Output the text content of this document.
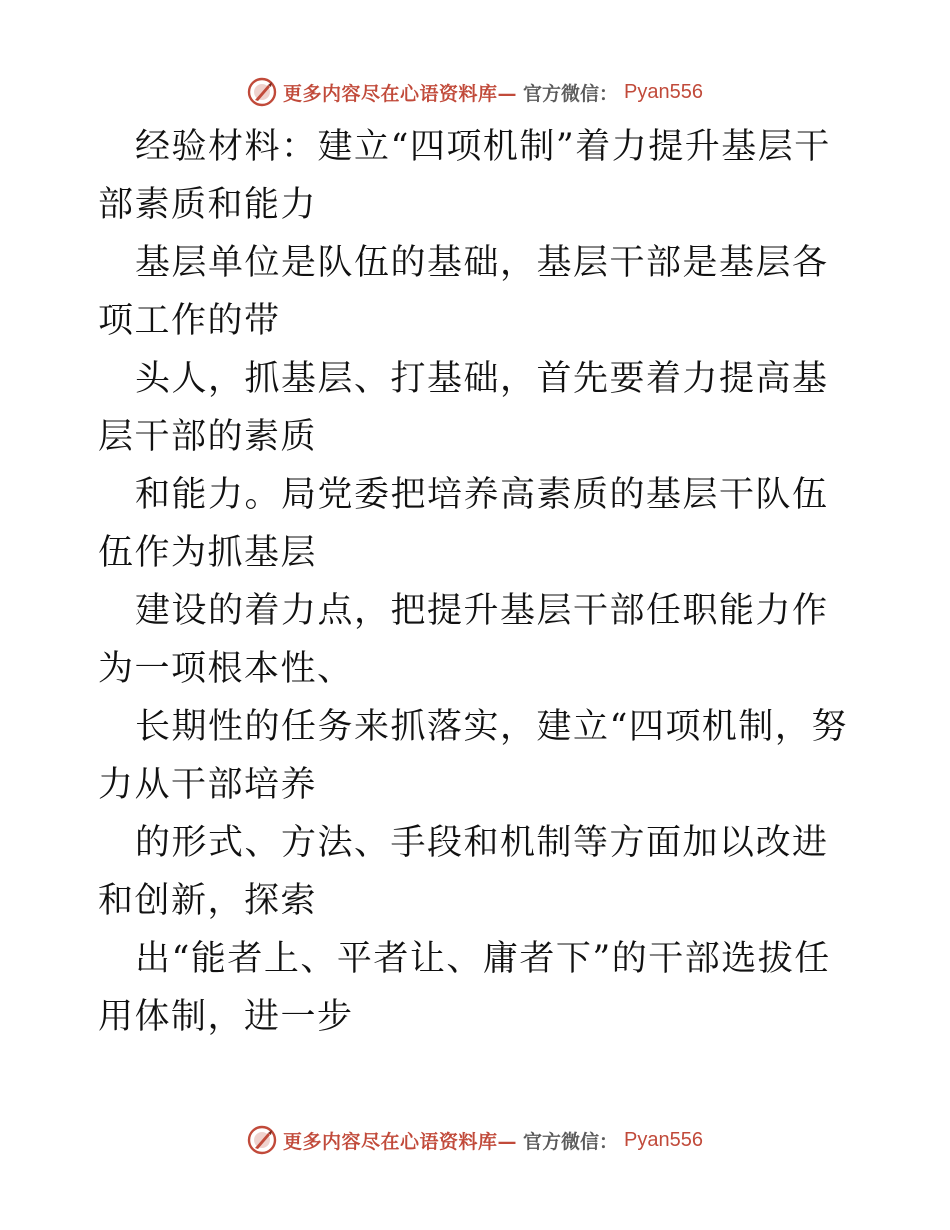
更多内容尽在心语资料库— 官方微信： Pyan556

经验材料：建立“四项机制”着力提升基层干部素质和能力

基层单位是队伍的基础，基层干部是基层各项工作的带

头人，抓基层、打基础，首先要着力提高基层干部的素质

和能力。局党委把培养高素质的基层干队伍伍作为抓基层

建设的着力点，把提升基层干部任职能力作为一项根本性、

长期性的任务来抓落实，建立“四项机制，努力从干部培养

的形式、方法、手段和机制等方面加以改进和创新，探索

出“能者上、平者让、庸者下”的干部选拔任用体制，进一步

更多内容尽在心语资料库— 官方微信： Pyan556
